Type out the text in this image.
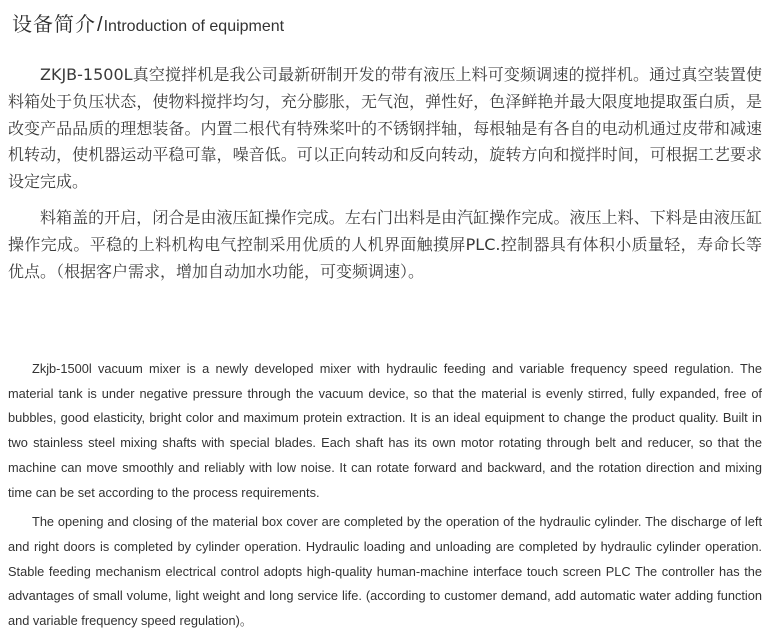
设备简介 / Introduction of equipment

ZKJB-1500L真空搅拌机是我公司最新研制开发的带有液压上料可变频调速的搅拌机。通过真空装置使料箱处于负压状态，使物料搅拌均匀，充分膨胀，无气泡，弹性好，色泽鲜艳并最大限度地提取蛋白质，是改变产品品质的理想装备。内置二根代有特殊桨叶的不锈钢拌轴，每根轴是有各自的电动机通过皮带和减速机转动，使机器运动平稳可靠，噪音低。可以正向转动和反向转动，旋转方向和搅拌时间，可根据工艺要求设定完成。

料箱盖的开启，闭合是由液压缸操作完成。左右门出料是由汽缸操作完成。液压上料、下料是由液压缸操作完成。平稳的上料机构电气控制采用优质的人机界面触摸屏PLC.控制器具有体积小质量轻，寿命长等优点。（根据客户需求，增加自动加水功能，可变频调速）。

Zkjb-1500l vacuum mixer is a newly developed mixer with hydraulic feeding and variable frequency speed regulation. The material tank is under negative pressure through the vacuum device, so that the material is evenly stirred, fully expanded, free of bubbles, good elasticity, bright color and maximum protein extraction. It is an ideal equipment to change the product quality. Built in two stainless steel mixing shafts with special blades. Each shaft has its own motor rotating through belt and reducer, so that the machine can move smoothly and reliably with low noise. It can rotate forward and backward, and the rotation direction and mixing time can be set according to the process requirements.

The opening and closing of the material box cover are completed by the operation of the hydraulic cylinder. The discharge of left and right doors is completed by cylinder operation. Hydraulic loading and unloading are completed by hydraulic cylinder operation. Stable feeding mechanism electrical control adopts high-quality human-machine interface touch screen PLC The controller has the advantages of small volume, light weight and long service life. (according to customer demand, add automatic water adding function and variable frequency speed regulation)。
